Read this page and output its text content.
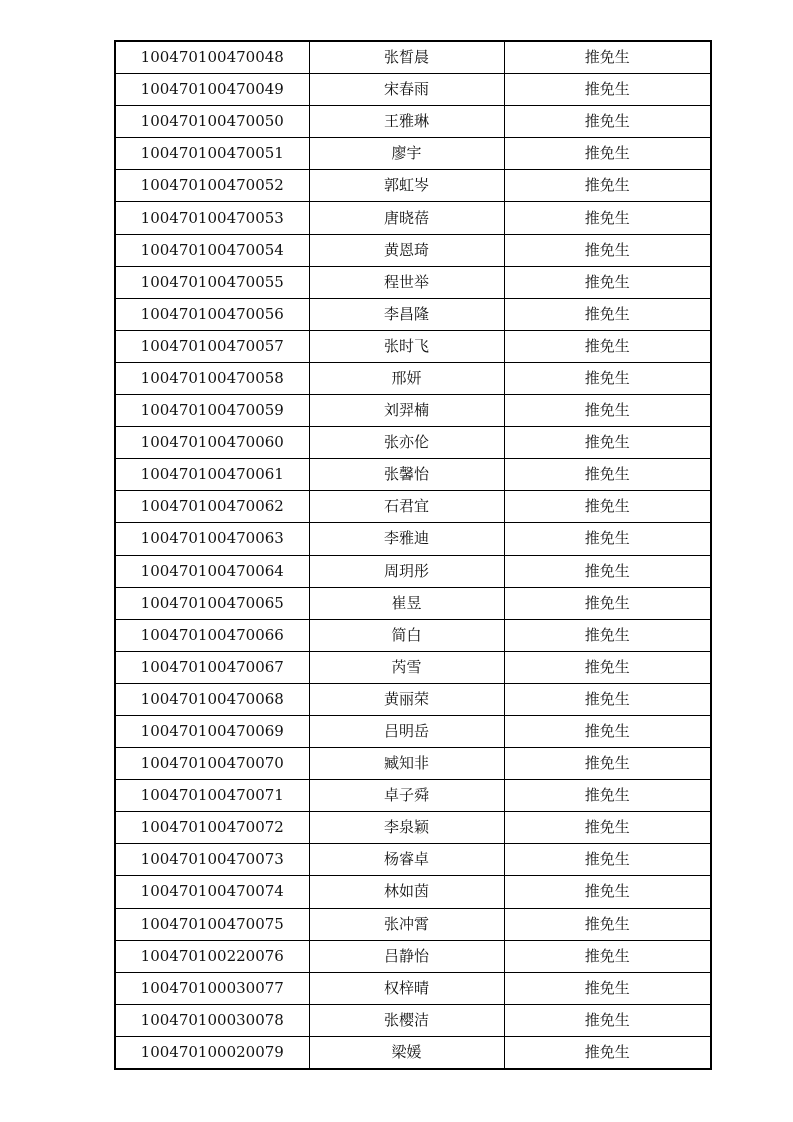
100470100470048	张晳晨	推免生
100470100470049	宋春雨	推免生
100470100470050	王雅琳	推免生
100470100470051	廖宇	推免生
100470100470052	郭虹岑	推免生
100470100470053	唐晓蓓	推免生
100470100470054	黄恩琦	推免生
100470100470055	程世举	推免生
100470100470056	李昌隆	推免生
100470100470057	张时飞	推免生
100470100470058	邢妍	推免生
100470100470059	刘羿楠	推免生
100470100470060	张亦伦	推免生
100470100470061	张馨怡	推免生
100470100470062	石君宜	推免生
100470100470063	李雅迪	推免生
100470100470064	周玥彤	推免生
100470100470065	崔昱	推免生
100470100470066	简白	推免生
100470100470067	芮雪	推免生
100470100470068	黄丽荣	推免生
100470100470069	吕明岳	推免生
100470100470070	臧知非	推免生
100470100470071	卓子舜	推免生
100470100470072	李泉颖	推免生
100470100470073	杨睿卓	推免生
100470100470074	林如茵	推免生
100470100470075	张冲霄	推免生
100470100220076	吕静怡	推免生
100470100030077	权梓晴	推免生
100470100030078	张樱洁	推免生
100470100020079	梁媛	推免生
